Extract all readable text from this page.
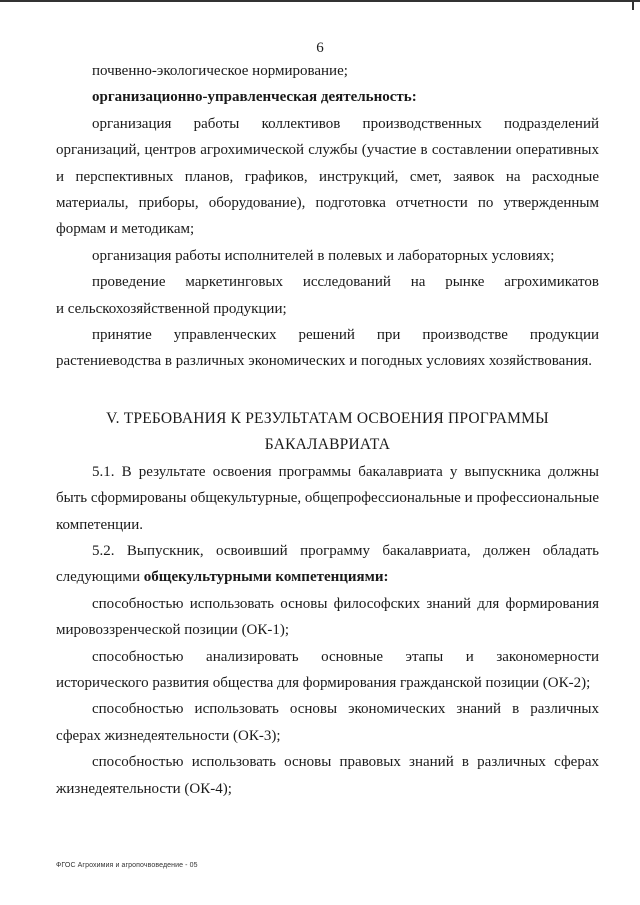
6

почвенно-экологическое нормирование;

организационно-управленческая деятельность:

организация работы коллективов производственных подразделений

организаций, центров агрохимической службы (участие в составлении оперативных и перспективных планов, графиков, инструкций, смет, заявок на расходные материалы, приборы, оборудование), подготовка отчетности по утвержденным формам и методикам;

организация работы исполнителей в полевых и лабораторных условиях;

проведение маркетинговых исследований на рынке агрохимикатов

и сельскохозяйственной продукции;

принятие управленческих решений при производстве продукции

растениеводства в различных экономических и погодных условиях хозяйствования.

V. ТРЕБОВАНИЯ К РЕЗУЛЬТАТАМ ОСВОЕНИЯ ПРОГРАММЫ
БАКАЛАВРИАТА

5.1. В результате освоения программы бакалавриата у выпускника должны быть сформированы общекультурные, общепрофессиональные и профессиональные компетенции.

5.2. Выпускник, освоивший программу бакалавриата, должен обладать следующими общекультурными компетенциями:

способностью использовать основы философских знаний для формирования мировоззренческой позиции (ОК-1);

способностью анализировать основные этапы и закономерности

исторического развития общества для формирования гражданской позиции (ОК-2);

способностью использовать основы экономических знаний в различных сферах жизнедеятельности (ОК-3);

способностью использовать основы правовых знаний в различных сферах жизнедеятельности (ОК-4);

ФГОС Агрохимия и агропочвоведение - 05
